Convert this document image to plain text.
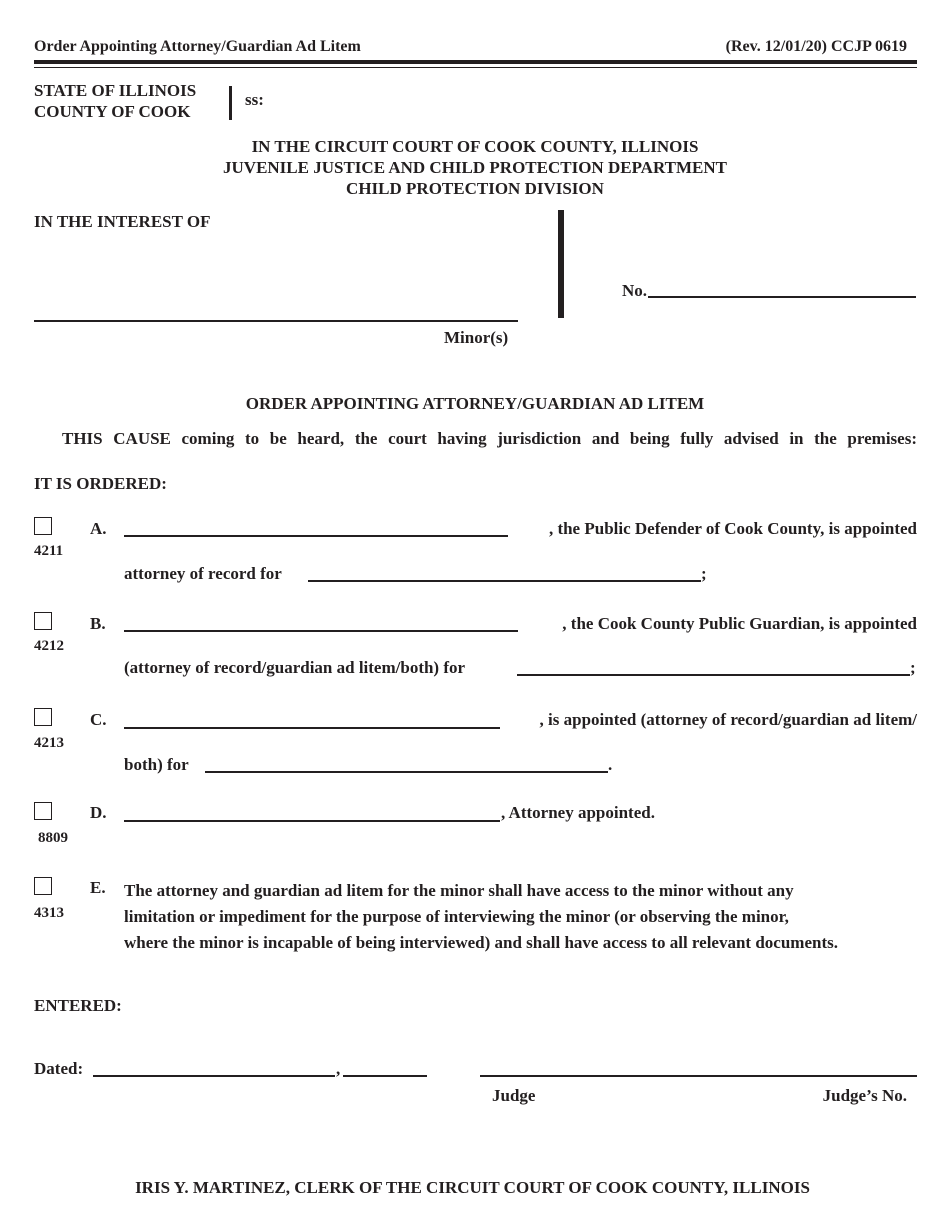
Order Appointing Attorney/Guardian Ad Litem	(Rev. 12/01/20) CCJP 0619
STATE OF ILLINOIS
COUNTY OF COOK
ss:
IN THE CIRCUIT COURT OF COOK COUNTY, ILLINOIS
JUVENILE JUSTICE AND CHILD PROTECTION DEPARTMENT
CHILD PROTECTION DIVISION
IN THE INTEREST OF
Minor(s)
No.
ORDER APPOINTING ATTORNEY/GUARDIAN AD LITEM
THIS CAUSE coming to be heard, the court having jurisdiction and being fully advised in the premises:
IT IS ORDERED:
4211
A.	, the Public Defender of Cook County, is appointed
attorney of record for	;
4212
B.	, the Cook County Public Guardian, is appointed
(attorney of record/guardian ad litem/both) for	;
4213
C.	, is appointed (attorney of record/guardian ad litem/
both) for	.
8809
D.	, Attorney appointed.
4313
E. The attorney and guardian ad litem for the minor shall have access to the minor without any
limitation or impediment for the purpose of interviewing the minor (or observing the minor,
where the minor is incapable of being interviewed) and shall have access to all relevant documents.
ENTERED:
Dated:	,
Judge	Judge’s No.
IRIS Y. MARTINEZ, CLERK OF THE CIRCUIT COURT OF COOK COUNTY, ILLINOIS
